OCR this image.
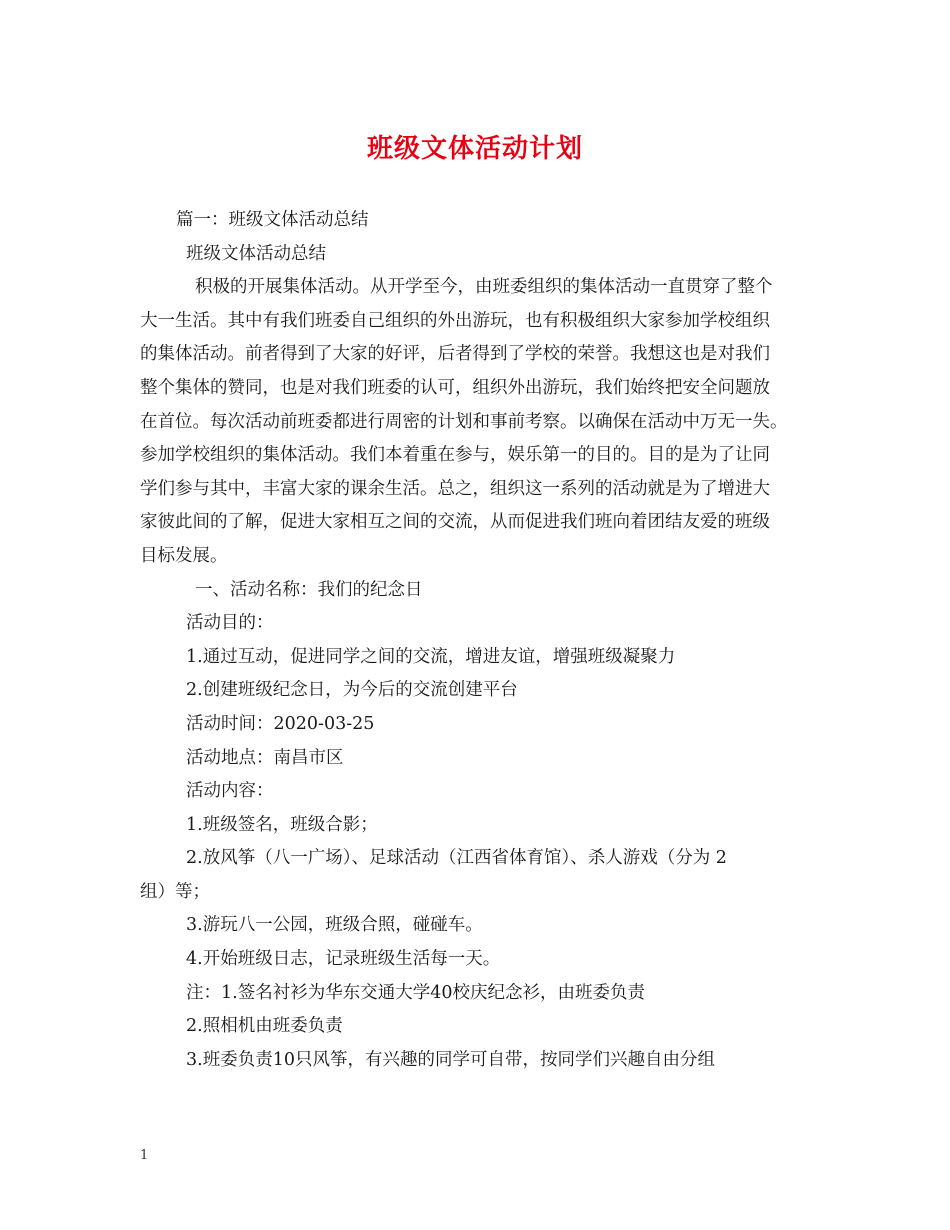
班级文体活动计划
篇一：班级文体活动总结
班级文体活动总结
积极的开展集体活动。从开学至今，由班委组织的集体活动一直贯穿了整个
大一生活。其中有我们班委自己组织的外出游玩，也有积极组织大家参加学校组织
的集体活动。前者得到了大家的好评，后者得到了学校的荣誉。我想这也是对我们
整个集体的赞同，也是对我们班委的认可，组织外出游玩，我们始终把安全问题放
在首位。每次活动前班委都进行周密的计划和事前考察。以确保在活动中万无一失。
参加学校组织的集体活动。我们本着重在参与，娱乐第一的目的。目的是为了让同
学们参与其中，丰富大家的课余生活。总之，组织这一系列的活动就是为了增进大
家彼此间的了解，促进大家相互之间的交流，从而促进我们班向着团结友爱的班级
目标发展。
一、活动名称：我们的纪念日
活动目的：
1.通过互动，促进同学之间的交流，增进友谊，增强班级凝聚力
2.创建班级纪念日，为今后的交流创建平台
活动时间：2020-03-25
活动地点：南昌市区
活动内容：
1.班级签名，班级合影；
2.放风筝（八一广场）、足球活动（江西省体育馆）、杀人游戏（分为 2
组）等；
3.游玩八一公园，班级合照，碰碰车。
4.开始班级日志，记录班级生活每一天。
注：1.签名衬衫为华东交通大学40校庆纪念衫，由班委负责
2.照相机由班委负责
3.班委负责10只风筝，有兴趣的同学可自带，按同学们兴趣自由分组
1
